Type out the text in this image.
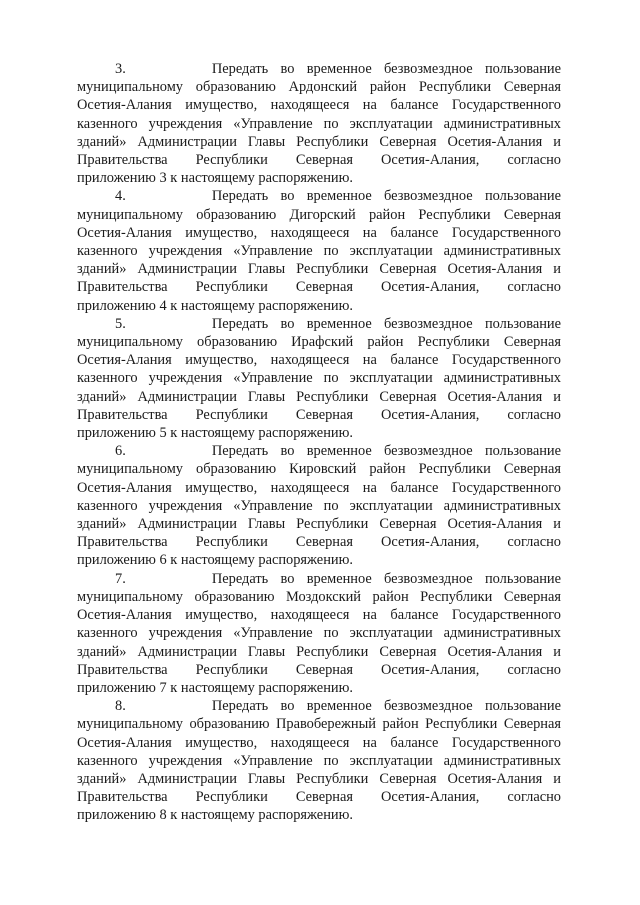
3.       Передать во временное безвозмездное пользование
муниципальному образованию Ардонский район Республики Северная
Осетия-Алания имущество, находящееся на балансе Государственного
казенного учреждения «Управление по эксплуатации административных
зданий» Администрации Главы Республики Северная Осетия-Алания и
Правительства Республики Северная Осетия-Алания, согласно
приложению 3 к настоящему распоряжению.

4.       Передать во временное безвозмездное пользование
муниципальному образованию Дигорский район Республики Северная
Осетия-Алания имущество, находящееся на балансе Государственного
казенного учреждения «Управление по эксплуатации административных
зданий» Администрации Главы Республики Северная Осетия-Алания и
Правительства Республики Северная Осетия-Алания, согласно
приложению 4 к настоящему распоряжению.

5.       Передать во временное безвозмездное пользование
муниципальному образованию Ирафский район Республики Северная
Осетия-Алания имущество, находящееся на балансе Государственного
казенного учреждения «Управление по эксплуатации административных
зданий» Администрации Главы Республики Северная Осетия-Алания и
Правительства Республики Северная Осетия-Алания, согласно
приложению 5 к настоящему распоряжению.

6.       Передать во временное безвозмездное пользование
муниципальному образованию Кировский район Республики Северная
Осетия-Алания имущество, находящееся на балансе Государственного
казенного учреждения «Управление по эксплуатации административных
зданий» Администрации Главы Республики Северная Осетия-Алания и
Правительства Республики Северная Осетия-Алания, согласно
приложению 6 к настоящему распоряжению.

7.       Передать во временное безвозмездное пользование
муниципальному образованию Моздокский район Республики Северная
Осетия-Алания имущество, находящееся на балансе Государственного
казенного учреждения «Управление по эксплуатации административных
зданий» Администрации Главы Республики Северная Осетия-Алания и
Правительства Республики Северная Осетия-Алания, согласно
приложению 7 к настоящему распоряжению.

8.       Передать во временное безвозмездное пользование
муниципальному образованию Правобережный район Республики Северная
Осетия-Алания имущество, находящееся на балансе Государственного
казенного учреждения «Управление по эксплуатации административных
зданий» Администрации Главы Республики Северная Осетия-Алания и
Правительства Республики Северная Осетия-Алания, согласно
приложению 8 к настоящему распоряжению.
